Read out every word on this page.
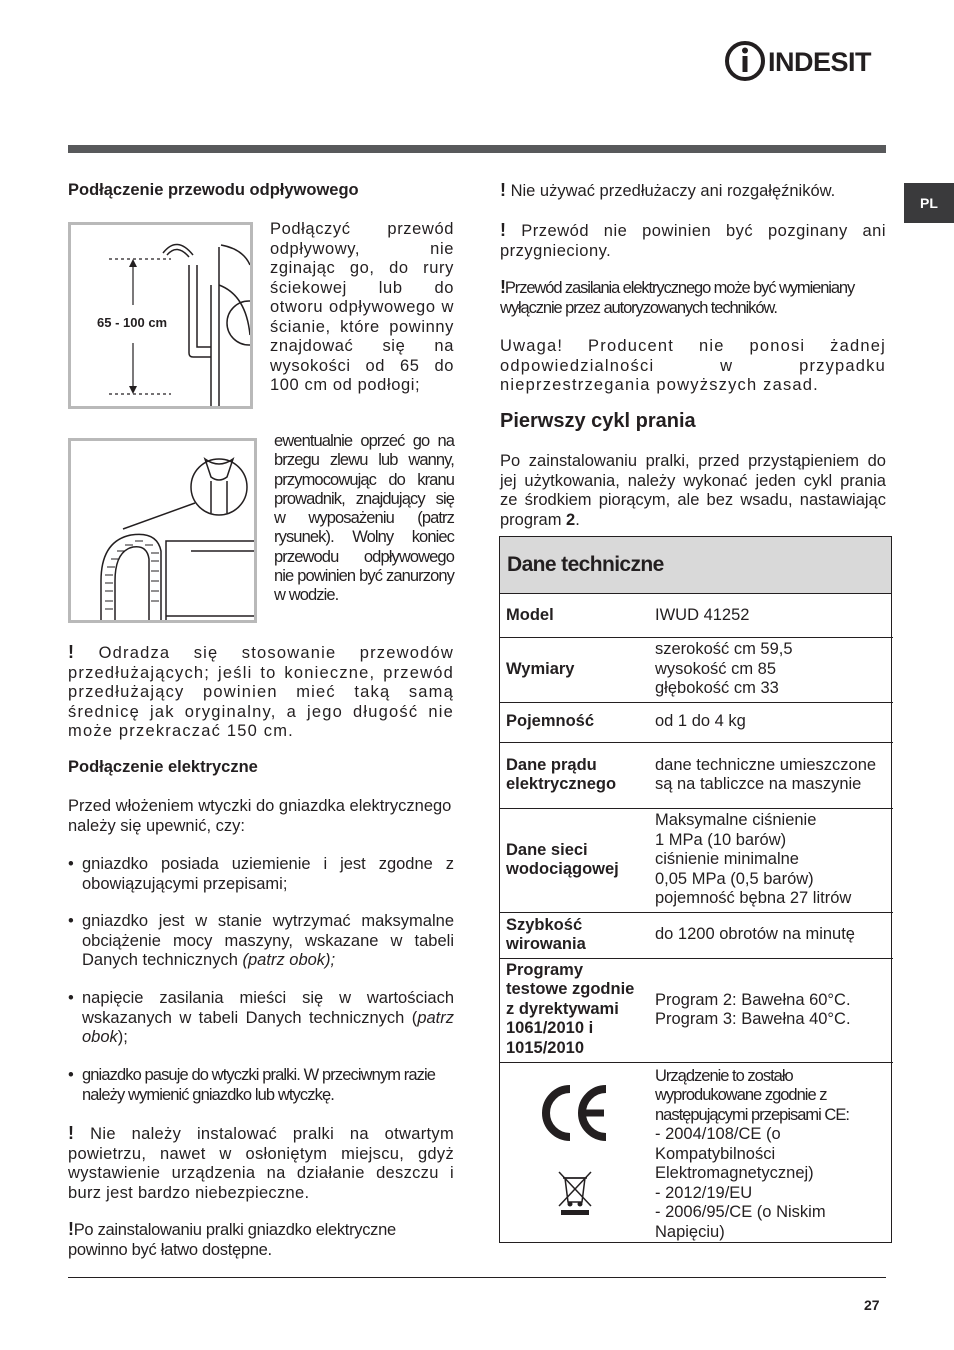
INDESIT
PL

Podłączenie przewodu odpływowego

65 - 100 cm

Podłączyć przewód odpływowy, nie zginając go, do rury ściekowej lub do otworu odpływowego w ścianie, które powinny znajdować się na wysokości od 65 do 100 cm od podłogi;

ewentualnie oprzeć go na brzegu zlewu lub wanny, przymocowując do kranu prowadnik, znajdujący się w wyposażeniu (patrz rysunek). Wolny koniec przewodu odpływowego nie powinien być zanurzony w wodzie.

! Odradza się stosowanie przewodów przedłużających; jeśli to konieczne, przewód przedłużający powinien mieć taką samą średnicę jak oryginalny, a jego długość nie może przekraczać 150 cm.

Podłączenie elektryczne

Przed włożeniem wtyczki do gniazdka elektrycznego należy się upewnić, czy:

• gniazdko posiada uziemienie i jest zgodne z obowiązującymi przepisami;
• gniazdko jest w stanie wytrzymać maksymalne obciążenie mocy maszyny, wskazane w tabeli Danych technicznych (patrz obok);
• napięcie zasilania mieści się w wartościach wskazanych w tabeli Danych technicznych (patrz obok);
• gniazdko pasuje do wtyczki pralki. W przeciwnym razie należy wymienić gniazdko lub wtyczkę.

! Nie należy instalować pralki na otwartym powietrzu, nawet w osłoniętym miejscu, gdyż wystawienie urządzenia na działanie deszczu i burz jest bardzo niebezpieczne.

!Po zainstalowaniu pralki gniazdko elektryczne powinno być łatwo dostępne.

! Nie używać przedłużaczy ani rozgałęźników.

! Przewód nie powinien być pozginany ani przygnieciony.

!Przewód zasilania elektrycznego może być wymieniany wyłącznie przez autoryzowanych techników.

Uwaga! Producent nie ponosi żadnej odpowiedzialności w przypadku nieprzestrzegania powyższych zasad.

Pierwszy cykl prania

Po zainstalowaniu pralki, przed przystąpieniem do jej użytkowania, należy wykonać jeden cykl prania ze środkiem piorącym, ale bez wsadu, nastawiając program 2.

Dane techniczne
Model	IWUD 41252
Wymiary	szerokość cm 59,5
wysokość cm 85
głębokość cm 33
Pojemność	od 1 do 4 kg
Dane prądu elektrycznego	dane techniczne umieszczone są na tabliczce na maszynie
Dane sieci wodociągowej	Maksymalne ciśnienie
1 MPa (10 barów)
ciśnienie minimalne
0,05 MPa (0,5 barów)
pojemność bębna 27 litrów
Szybkość wirowania	do 1200 obrotów na minutę
Programy testowe zgodnie z dyrektywami 1061/2010 i 1015/2010	Program 2: Bawełna 60°C.
Program 3: Bawełna 40°C.

Urządzenie to zostało wyprodukowane zgodnie z następującymi przepisami CE:
- 2004/108/CE (o Kompatybilności Elektromagnetycznej)
- 2012/19/EU
- 2006/95/CE (o Niskim Napięciu)
27
